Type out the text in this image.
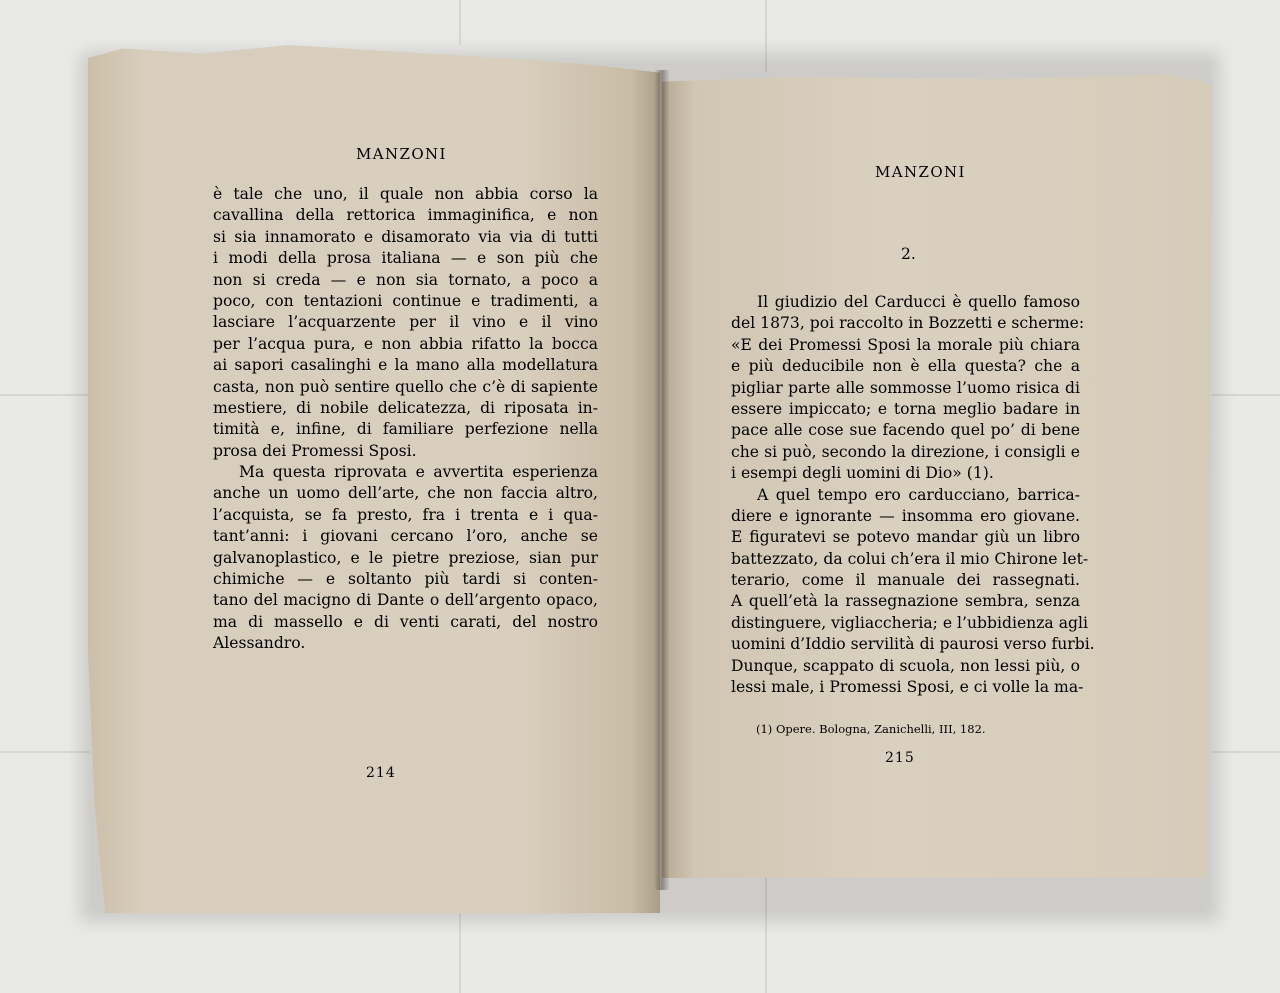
MANZONI
è tale che uno, il quale non abbia corso la
cavallina della rettorica immaginifica, e non
si sia innamorato e disamorato via via di tutti
i modi della prosa italiana — e son più che
non si creda — e non sia tornato, a poco a
poco, con tentazioni continue e tradimenti, a
lasciare l’acquarzente per il vino e il vino
per l’acqua pura, e non abbia rifatto la bocca
ai sapori casalinghi e la mano alla modellatura
casta, non può sentire quello che c’è di sapiente
mestiere, di nobile delicatezza, di riposata in-
timità e, infine, di familiare perfezione nella
prosa dei Promessi Sposi.
Ma questa riprovata e avvertita esperienza
anche un uomo dell’arte, che non faccia altro,
l’acquista, se fa presto, fra i trenta e i qua-
tant’anni: i giovani cercano l’oro, anche se
galvanoplastico, e le pietre preziose, sian pur
chimiche — e soltanto più tardi si conten-
tano del macigno di Dante o dell’argento opaco,
ma di massello e di venti carati, del nostro
Alessandro.
214
MANZONI
2.
Il giudizio del Carducci è quello famoso
del 1873, poi raccolto in Bozzetti e scherme:
«E dei Promessi Sposi la morale più chiara
e più deducibile non è ella questa? che a
pigliar parte alle sommosse l’uomo risica di
essere impiccato; e torna meglio badare in
pace alle cose sue facendo quel po’ di bene
che si può, secondo la direzione, i consigli e
i esempi degli uomini di Dio» (1).
A quel tempo ero carducciano, barrica-
diere e ignorante — insomma ero giovane.
E figuratevi se potevo mandar giù un libro
battezzato, da colui ch’era il mio Chirone let-
terario, come il manuale dei rassegnati.
A quell’età la rassegnazione sembra, senza
distinguere, vigliaccheria; e l’ubbidienza agli
uomini d’Iddio servilità di paurosi verso furbi.
Dunque, scappato di scuola, non lessi più, o
lessi male, i Promessi Sposi, e ci volle la ma-
(1) Opere. Bologna, Zanichelli, III, 182.
215
